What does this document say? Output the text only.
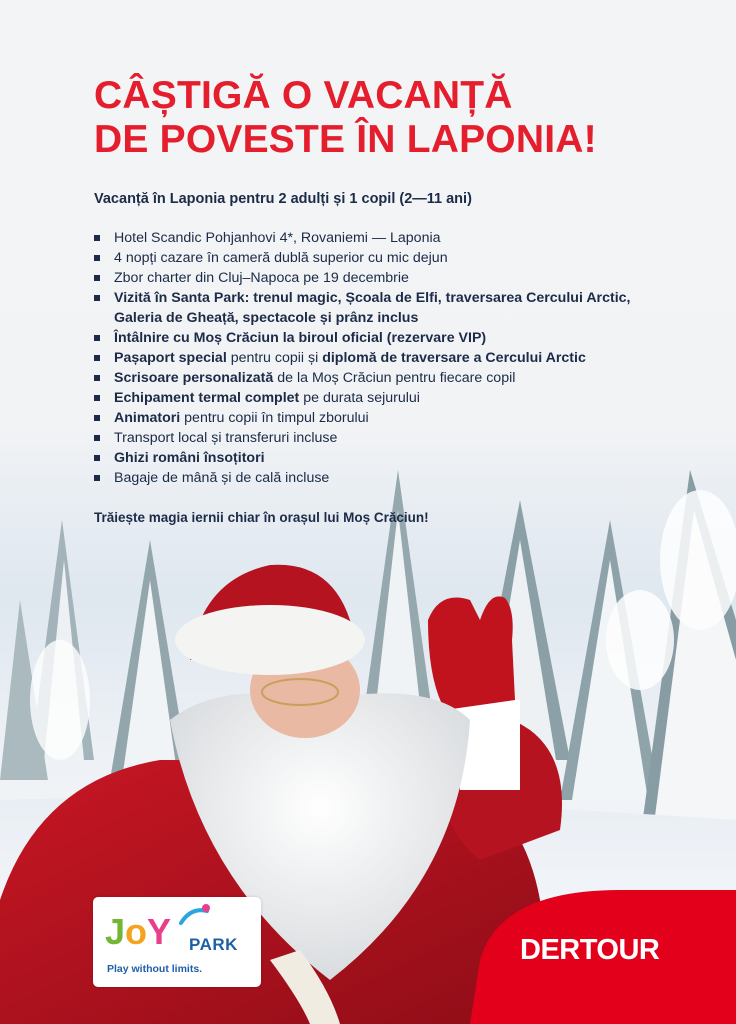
CÂȘTIGĂ O VACANȚĂ
DE POVESTE ÎN LAPONIA!
Vacanță în Laponia pentru 2 adulți și 1 copil (2—11 ani)
Hotel Scandic Pohjanhovi 4*, Rovaniemi — Laponia
4 nopți cazare în cameră dublă superior cu mic dejun
Zbor charter din Cluj–Napoca pe 19 decembrie
Vizită în Santa Park: trenul magic, Școala de Elfi, traversarea Cercului Arctic, Galeria de Gheață, spectacole și prânz inclus
Întâlnire cu Moș Crăciun la biroul oficial (rezervare VIP)
Pașaport special pentru copii și diplomă de traversare a Cercului Arctic
Scrisoare personalizată de la Moș Crăciun pentru fiecare copil
Echipament termal complet pe durata sejurului
Animatori pentru copii în timpul zborului
Transport local și transferuri incluse
Ghizi români însoțitori
Bagaje de mână și de cală incluse
Trăiește magia iernii chiar în orașul lui Moș Crăciun!
JoY PARK
Play without limits.
DERTOUR
